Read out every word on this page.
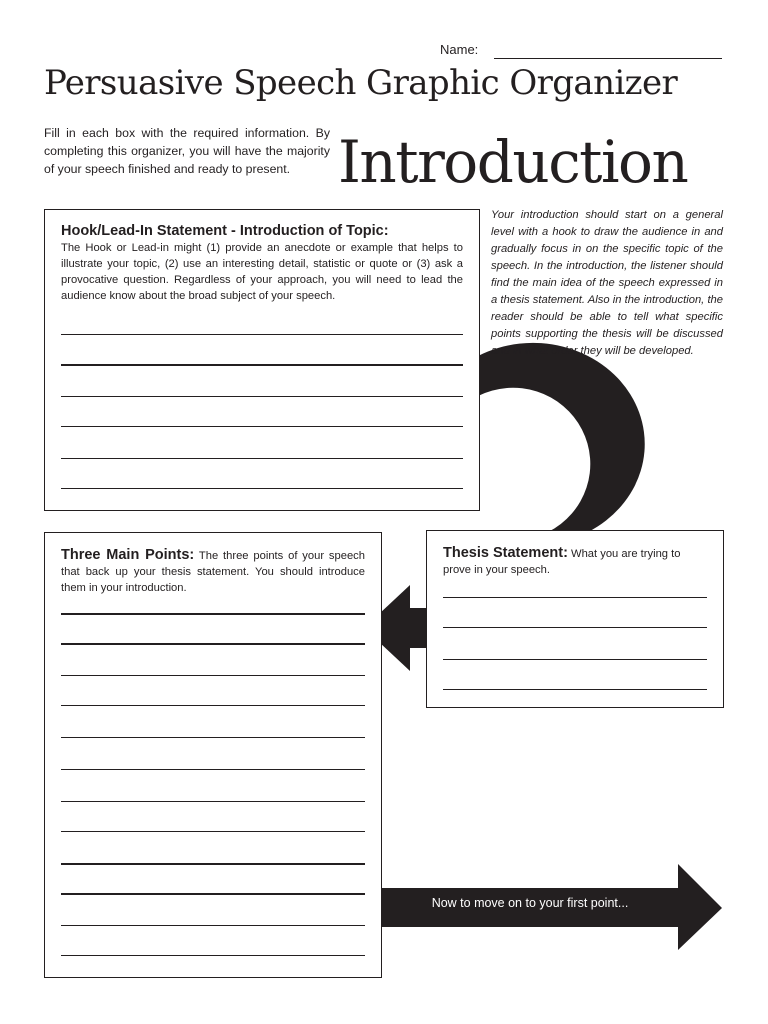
Name:
Persuasive Speech Graphic Organizer
Fill in each box with the required information. By completing this organizer, you will have the majority of your speech finished and ready to present. Introduction
Your introduction should start on a general level with a hook to draw the audience in and gradually focus in on the specific topic of the speech. In the introduction, the listener should find the main idea of the speech expressed in a thesis statement. Also in the introduction, the reader should be able to tell what specific points supporting the thesis will be discussed and in what order they will be developed.
Hook/Lead-In Statement - Introduction of Topic:
The Hook or Lead-in might (1) provide an anecdote or example that helps to illustrate your topic, (2) use an interesting detail, statistic or quote or (3) ask a provocative question. Regardless of your approach, you will need to lead the audience know about the broad subject of your speech.
Three Main Points: The three points of your speech that back up your thesis statement. You should introduce them in your introduction.
Thesis Statement: What you are trying to prove in your speech.
Now to move on to your first point...
